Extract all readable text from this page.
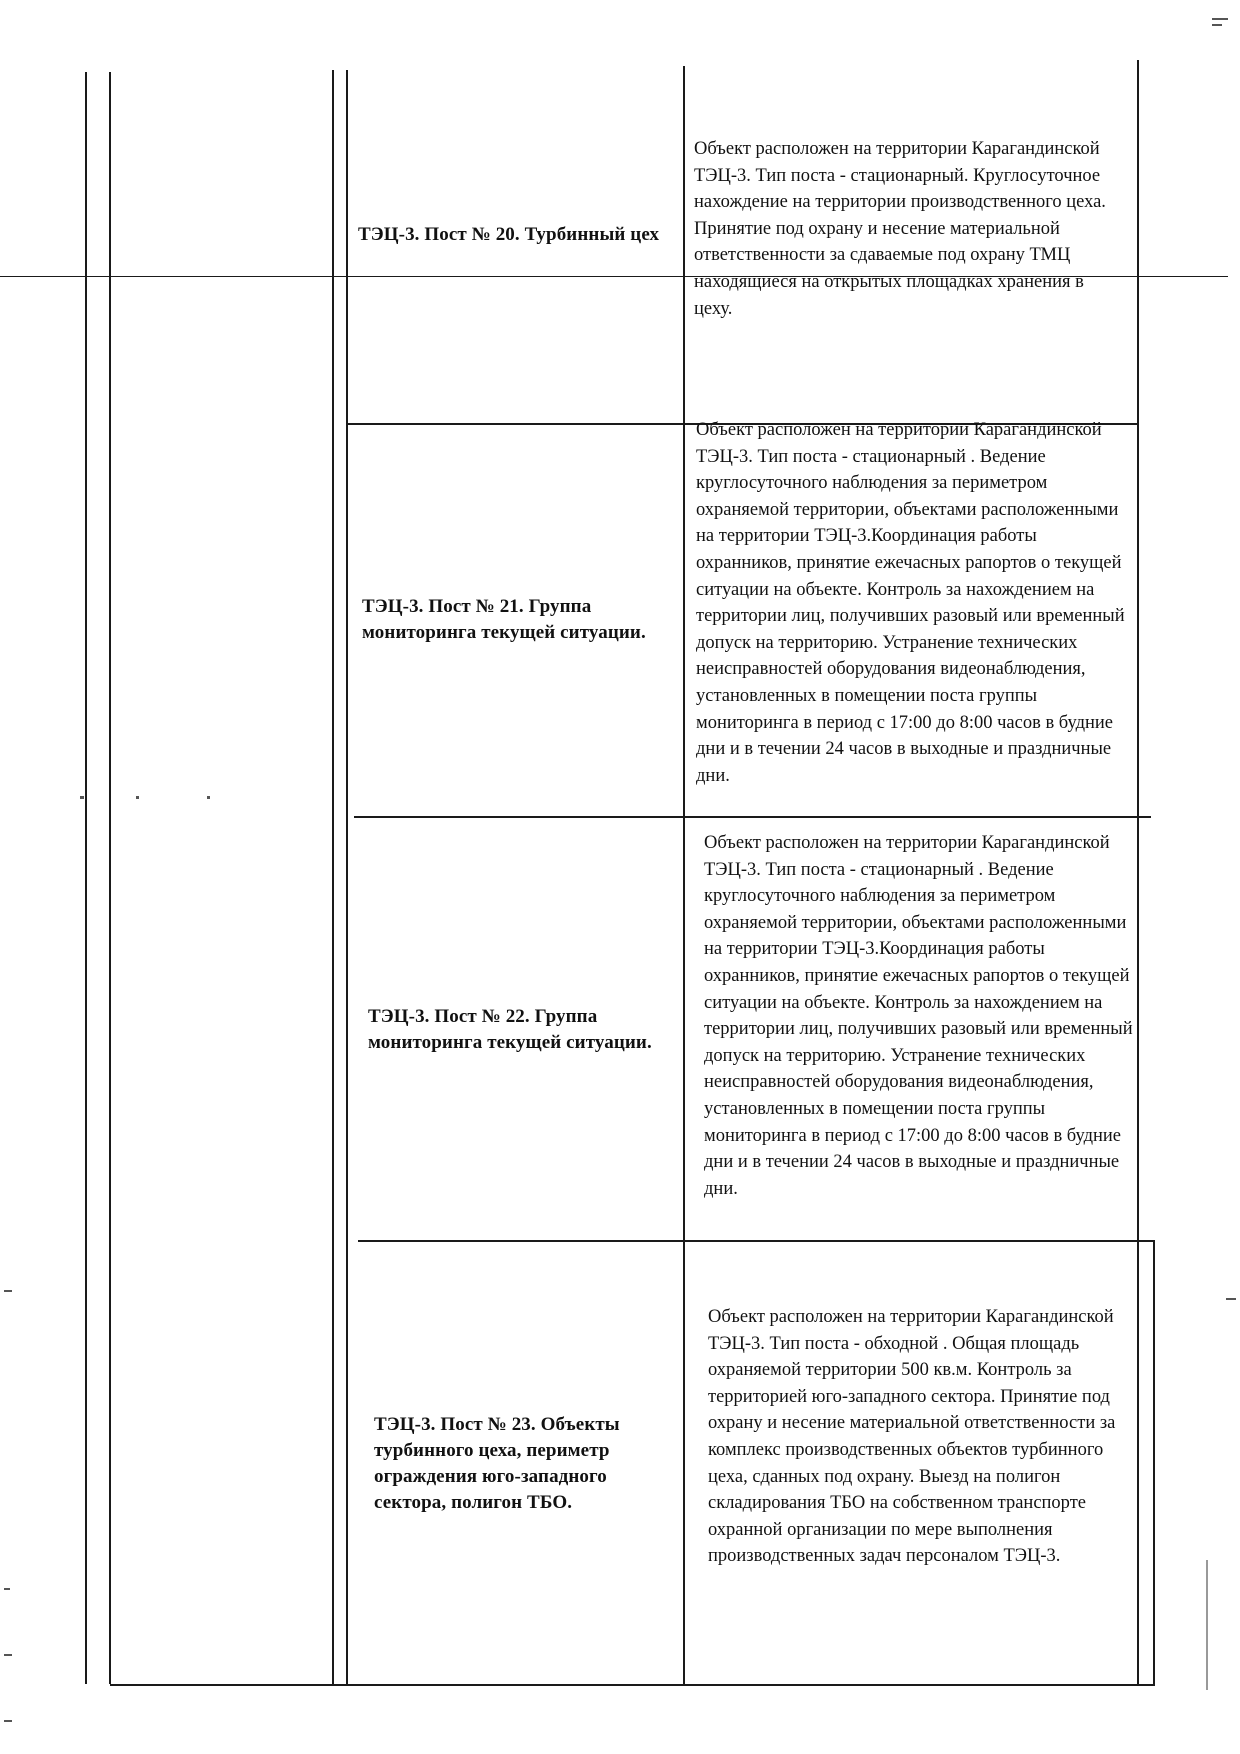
ТЭЦ-3. Пост № 20. Турбинный цех
Объект расположен на территории Карагандинской ТЭЦ-3. Тип поста - стационарный. Круглосуточное нахождение на территории производственного цеха. Принятие под охрану и несение материальной ответственности за сдаваемые под охрану ТМЦ находящиеся на открытых площадках хранения в цеху.
ТЭЦ-3. Пост № 21. Группа мониторинга текущей ситуации.
Объект расположен на территории Карагандинской ТЭЦ-3. Тип поста - стационарный . Ведение круглосуточного наблюдения за периметром охраняемой территории, объектами расположенными на территории ТЭЦ-3.Координация работы охранников, принятие ежечасных рапортов о текущей ситуации на объекте. Контроль за нахождением на территории лиц, получивших разовый или временный допуск на территорию. Устранение технических неисправностей оборудования видеонаблюдения, установленных в помещении поста группы мониторинга в период с 17:00 до 8:00 часов в будние дни и в течении 24 часов в выходные и праздничные дни.
ТЭЦ-3. Пост № 22. Группа мониторинга текущей ситуации.
Объект расположен на территории Карагандинской ТЭЦ-3. Тип поста - стационарный . Ведение круглосуточного наблюдения за периметром охраняемой территории, объектами расположенными на территории ТЭЦ-3.Координация работы охранников, принятие ежечасных рапортов о текущей ситуации на объекте. Контроль за нахождением на территории лиц, получивших разовый или временный допуск на территорию. Устранение технических неисправностей оборудования видеонаблюдения, установленных в помещении поста группы мониторинга в период с 17:00 до 8:00 часов в будние дни и в течении 24 часов в выходные и праздничные дни.
ТЭЦ-3. Пост № 23. Объекты турбинного цеха, периметр ограждения юго-западного сектора, полигон ТБО.
Объект расположен на территории Карагандинской ТЭЦ-3. Тип поста - обходной . Общая площадь охраняемой территории 500 кв.м. Контроль за территорией юго-западного сектора. Принятие под охрану и несение материальной ответственности за комплекс производственных объектов турбинного цеха, сданных под охрану. Выезд на полигон складирования ТБО на собственном транспорте охранной организации по мере выполнения производственных задач персоналом ТЭЦ-3.
